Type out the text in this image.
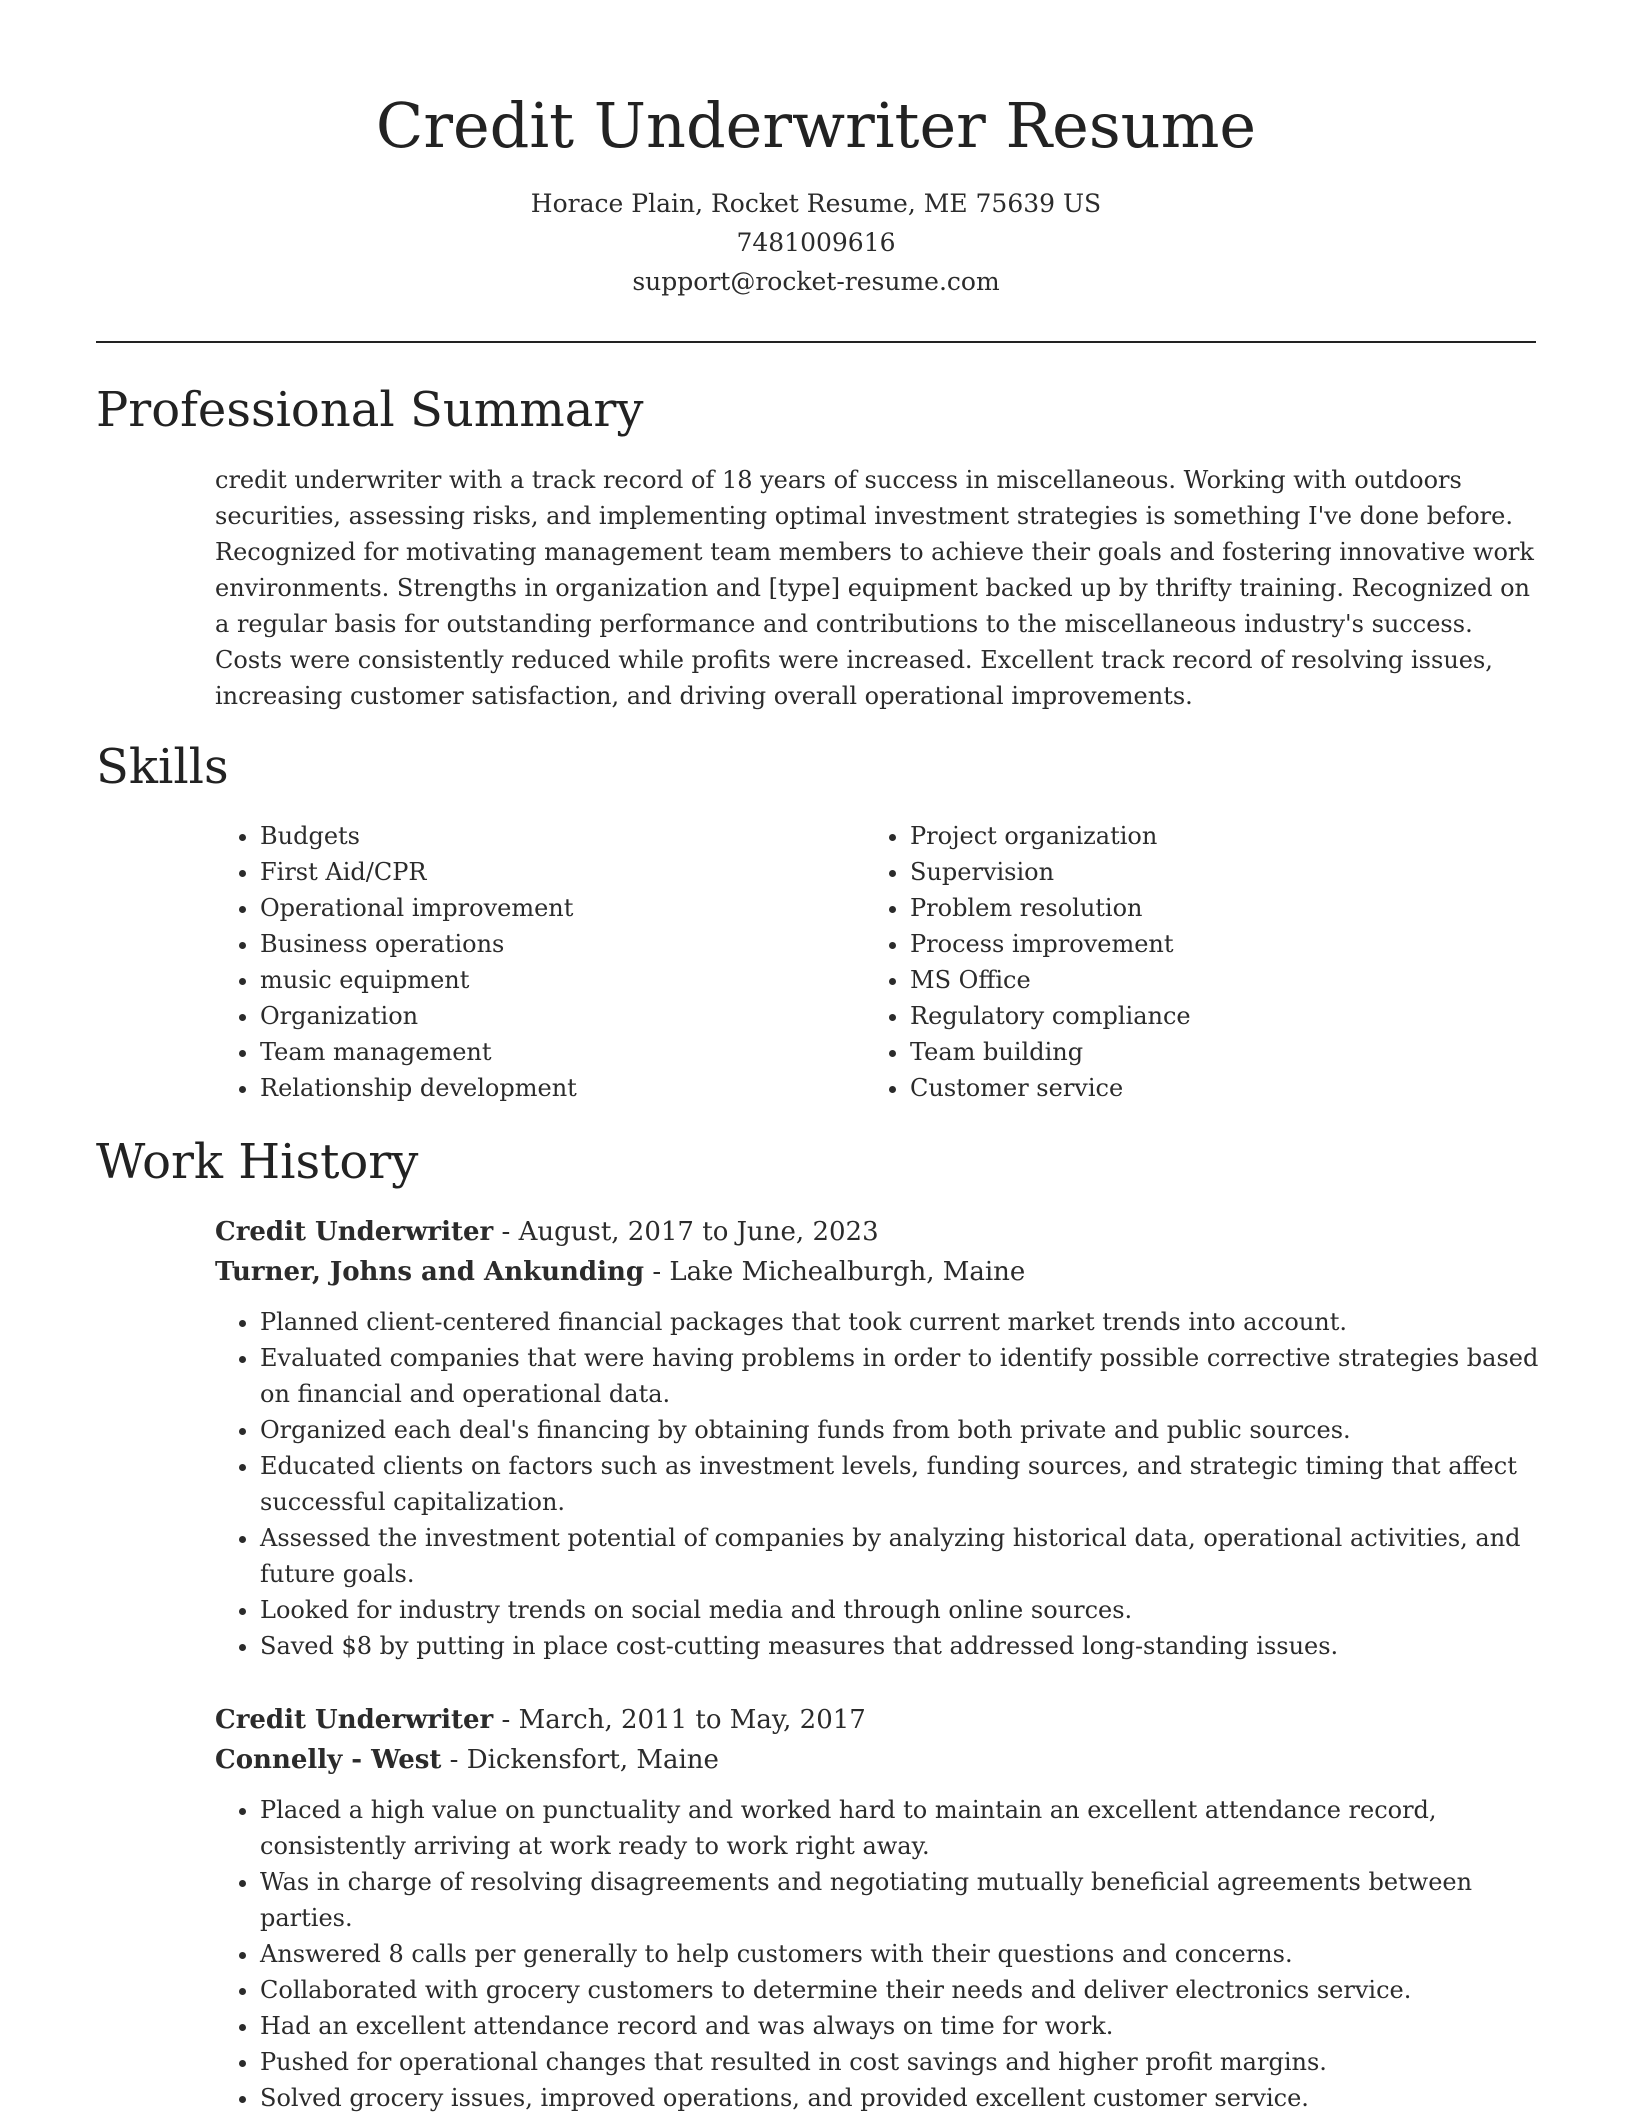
Credit Underwriter Resume
Horace Plain, Rocket Resume, ME 75639 US
7481009616
support@rocket-resume.com
Professional Summary

credit underwriter with a track record of 18 years of success in miscellaneous. Working with outdoors securities, assessing risks, and implementing optimal investment strategies is something I've done before. Recognized for motivating management team members to achieve their goals and fostering innovative work environments. Strengths in organization and [type] equipment backed up by thrifty training. Recognized on a regular basis for outstanding performance and contributions to the miscellaneous industry's success. Costs were consistently reduced while profits were increased. Excellent track record of resolving issues, increasing customer satisfaction, and driving overall operational improvements.

Skills
• Budgets
• First Aid/CPR
• Operational improvement
• Business operations
• music equipment
• Organization
• Team management
• Relationship development
• Project organization
• Supervision
• Problem resolution
• Process improvement
• MS Office
• Regulatory compliance
• Team building
• Customer service
Work History
Credit Underwriter - August, 2017 to June, 2023
Turner, Johns and Ankunding - Lake Michealburgh, Maine
• Planned client-centered financial packages that took current market trends into account.
• Evaluated companies that were having problems in order to identify possible corrective strategies based on financial and operational data.
• Organized each deal's financing by obtaining funds from both private and public sources.
• Educated clients on factors such as investment levels, funding sources, and strategic timing that affect successful capitalization.
• Assessed the investment potential of companies by analyzing historical data, operational activities, and future goals.
• Looked for industry trends on social media and through online sources.
• Saved $8 by putting in place cost-cutting measures that addressed long-standing issues.
Credit Underwriter - March, 2011 to May, 2017
Connelly - West - Dickensfort, Maine
• Placed a high value on punctuality and worked hard to maintain an excellent attendance record, consistently arriving at work ready to work right away.
• Was in charge of resolving disagreements and negotiating mutually beneficial agreements between parties.
• Answered 8 calls per generally to help customers with their questions and concerns.
• Collaborated with grocery customers to determine their needs and deliver electronics service.
• Had an excellent attendance record and was always on time for work.
• Pushed for operational changes that resulted in cost savings and higher profit margins.
• Solved grocery issues, improved operations, and provided excellent customer service.
